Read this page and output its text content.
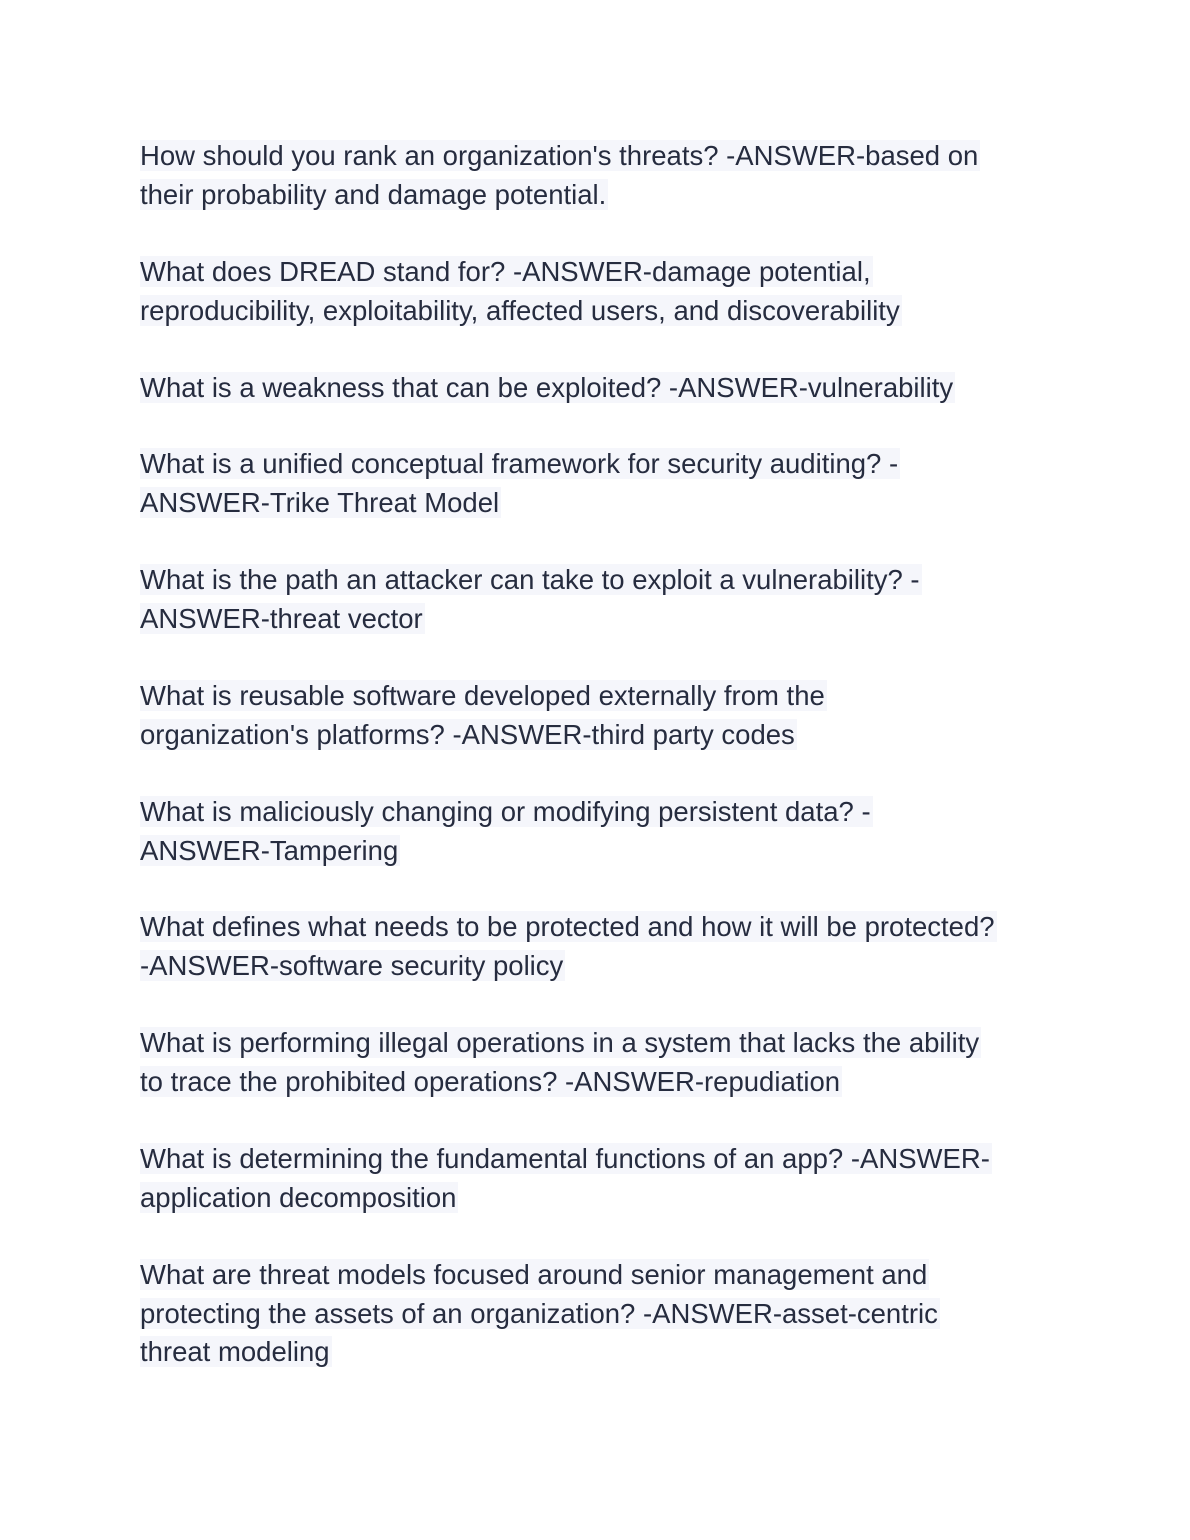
How should you rank an organization's threats? -ANSWER-based on
their probability and damage potential.

What does DREAD stand for? -ANSWER-damage potential,
reproducibility, exploitability, affected users, and discoverability

What is a weakness that can be exploited? -ANSWER-vulnerability

What is a unified conceptual framework for security auditing? -
ANSWER-Trike Threat Model

What is the path an attacker can take to exploit a vulnerability? -
ANSWER-threat vector

What is reusable software developed externally from the
organization's platforms? -ANSWER-third party codes

What is maliciously changing or modifying persistent data? -
ANSWER-Tampering

What defines what needs to be protected and how it will be protected?
-ANSWER-software security policy

What is performing illegal operations in a system that lacks the ability
to trace the prohibited operations? -ANSWER-repudiation

What is determining the fundamental functions of an app? -ANSWER-
application decomposition

What are threat models focused around senior management and
protecting the assets of an organization? -ANSWER-asset-centric
threat modeling
